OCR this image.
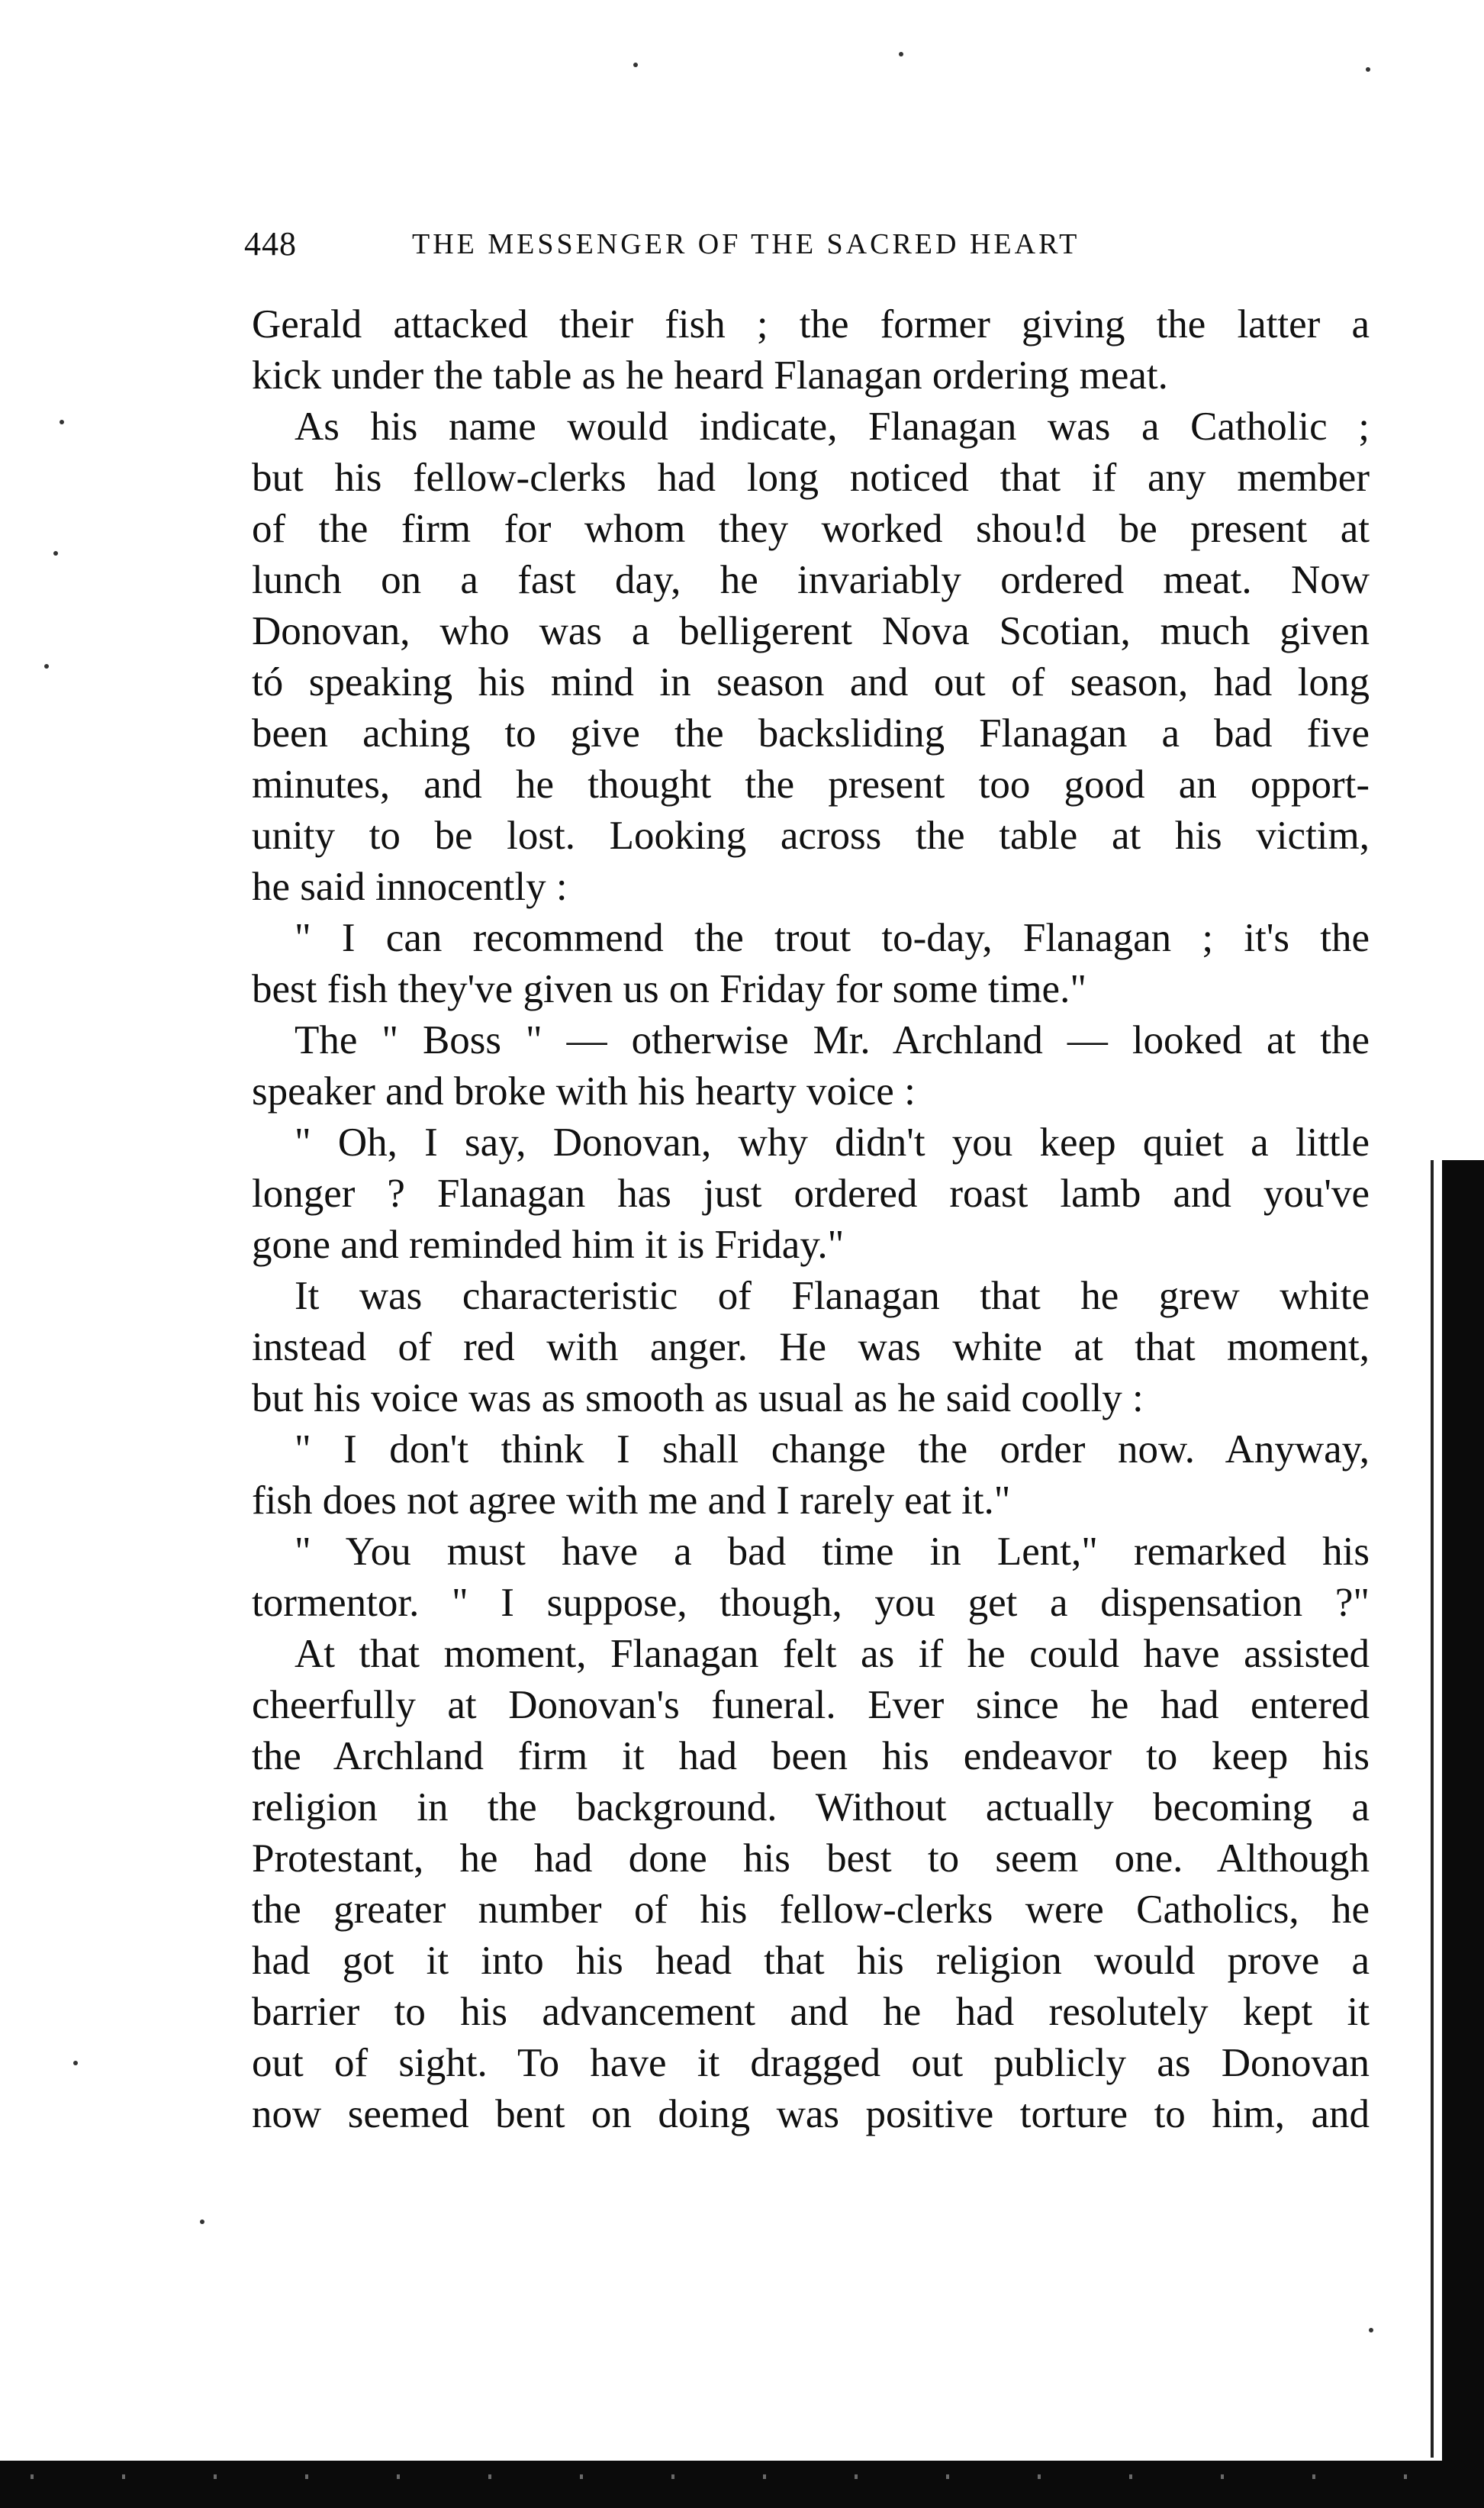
448	THE MESSENGER OF THE SACRED HEART
Gerald attacked their fish ; the former giving the latter a
kick under the table as he heard Flanagan ordering meat.
As his name would indicate, Flanagan was a Catholic ;
but his fellow-clerks had long noticed that if any member
of the firm for whom they worked shou!d be present at
lunch on a fast day, he invariably ordered meat. Now
Donovan, who was a belligerent Nova Scotian, much given
tó speaking his mind in season and out of season, had long
been aching to give the backsliding Flanagan a bad five
minutes, and he thought the present too good an opport-
unity to be lost. Looking across the table at his victim,
he said innocently :
" I can recommend the trout to-day, Flanagan ; it's the
best fish they've given us on Friday for some time."
The " Boss " — otherwise Mr. Archland — looked at the
speaker and broke with his hearty voice :
" Oh, I say, Donovan, why didn't you keep quiet a little
longer ? Flanagan has just ordered roast lamb and you've
gone and reminded him it is Friday."
It was characteristic of Flanagan that he grew white
instead of red with anger. He was white at that moment,
but his voice was as smooth as usual as he said coolly :
" I don't think I shall change the order now. Anyway,
fish does not agree with me and I rarely eat it."
" You must have a bad time in Lent," remarked his
tormentor. " I suppose, though, you get a dispensation ?"
At that moment, Flanagan felt as if he could have assisted
cheerfully at Donovan's funeral. Ever since he had entered
the Archland firm it had been his endeavor to keep his
religion in the background. Without actually becoming a
Protestant, he had done his best to seem one. Although
the greater number of his fellow-clerks were Catholics, he
had got it into his head that his religion would prove a
barrier to his advancement and he had resolutely kept it
out of sight. To have it dragged out publicly as Donovan
now seemed bent on doing was positive torture to him, and
